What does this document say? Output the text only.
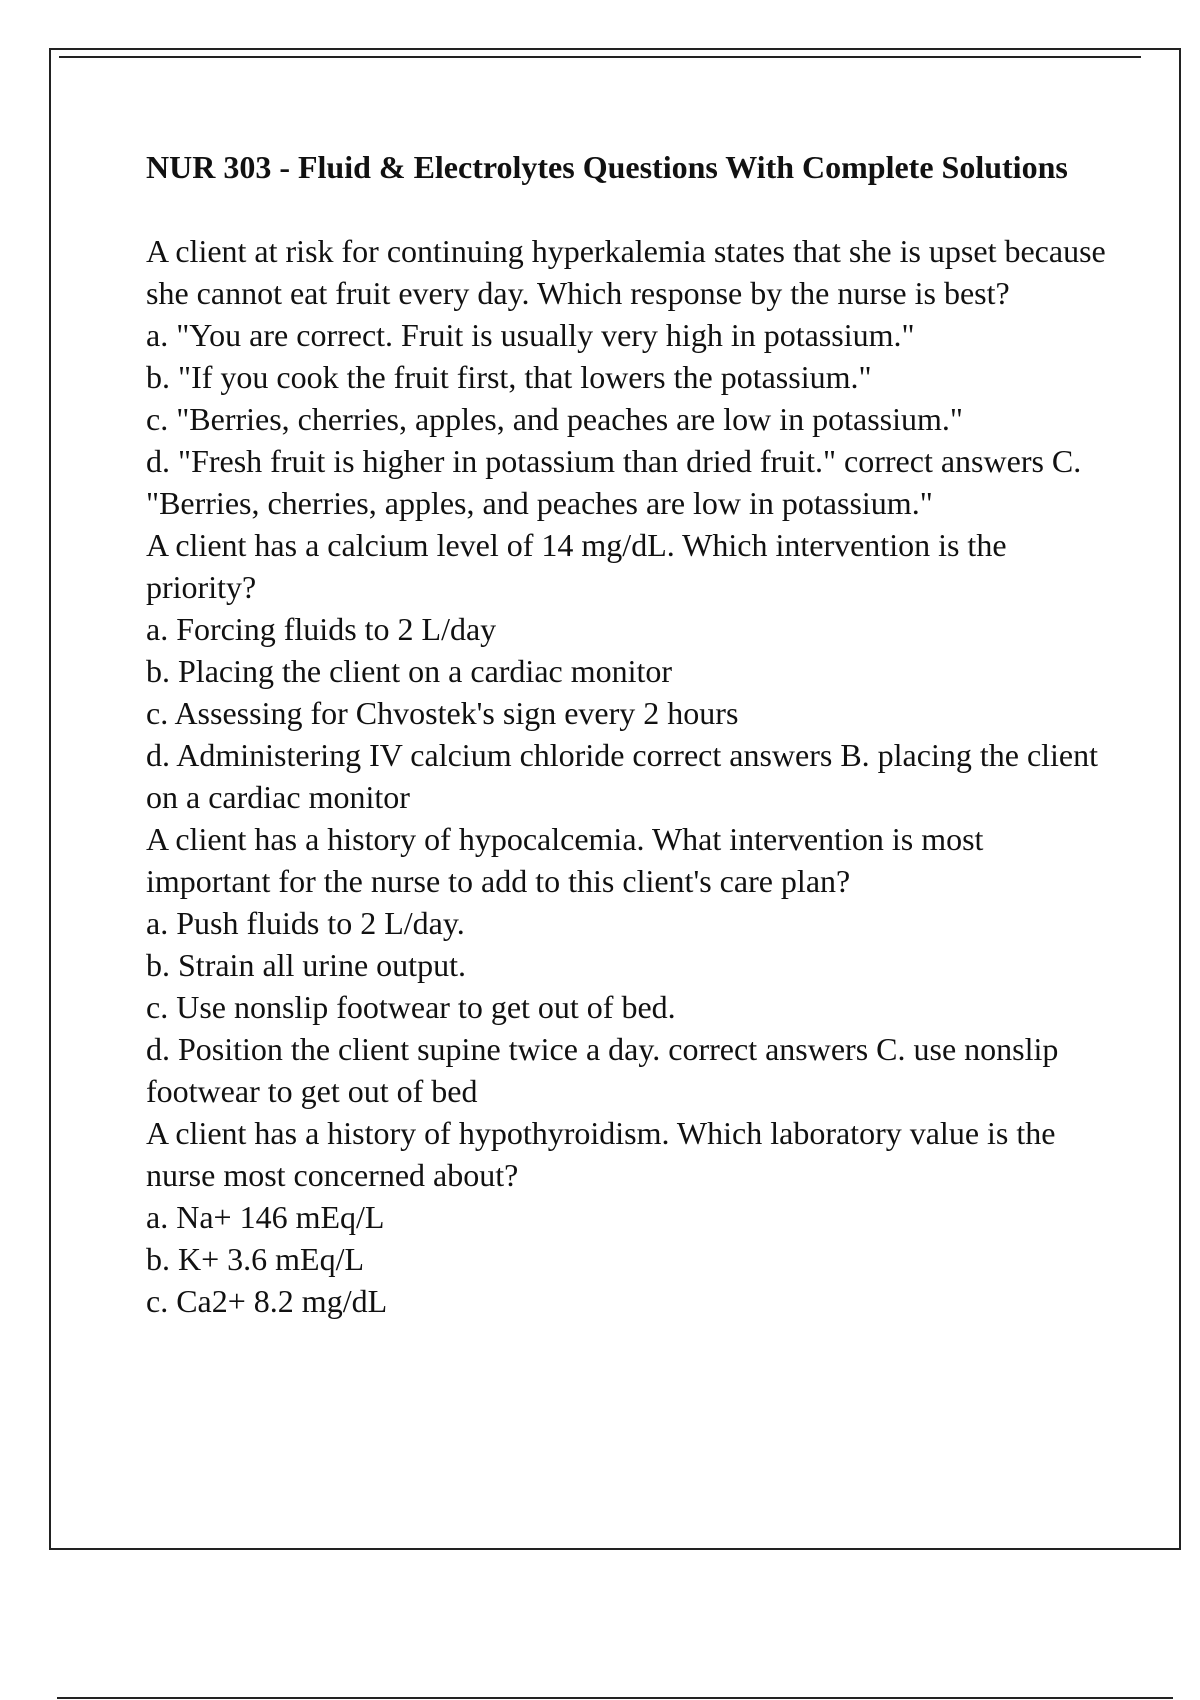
NUR 303 - Fluid & Electrolytes Questions With Complete Solutions
A client at risk for continuing hyperkalemia states that she is upset because she cannot eat fruit every day. Which response by the nurse is best?
a. "You are correct. Fruit is usually very high in potassium."
b. "If you cook the fruit first, that lowers the potassium."
c. "Berries, cherries, apples, and peaches are low in potassium."
d. "Fresh fruit is higher in potassium than dried fruit." correct answers C. "Berries, cherries, apples, and peaches are low in potassium."
A client has a calcium level of 14 mg/dL. Which intervention is the priority?
a. Forcing fluids to 2 L/day
b. Placing the client on a cardiac monitor
c. Assessing for Chvostek's sign every 2 hours
d. Administering IV calcium chloride correct answers B. placing the client on a cardiac monitor
A client has a history of hypocalcemia. What intervention is most important for the nurse to add to this client's care plan?
a. Push fluids to 2 L/day.
b. Strain all urine output.
c. Use nonslip footwear to get out of bed.
d. Position the client supine twice a day. correct answers C. use nonslip footwear to get out of bed
A client has a history of hypothyroidism. Which laboratory value is the nurse most concerned about?
a. Na+ 146 mEq/L
b. K+ 3.6 mEq/L
c. Ca2+ 8.2 mg/dL
